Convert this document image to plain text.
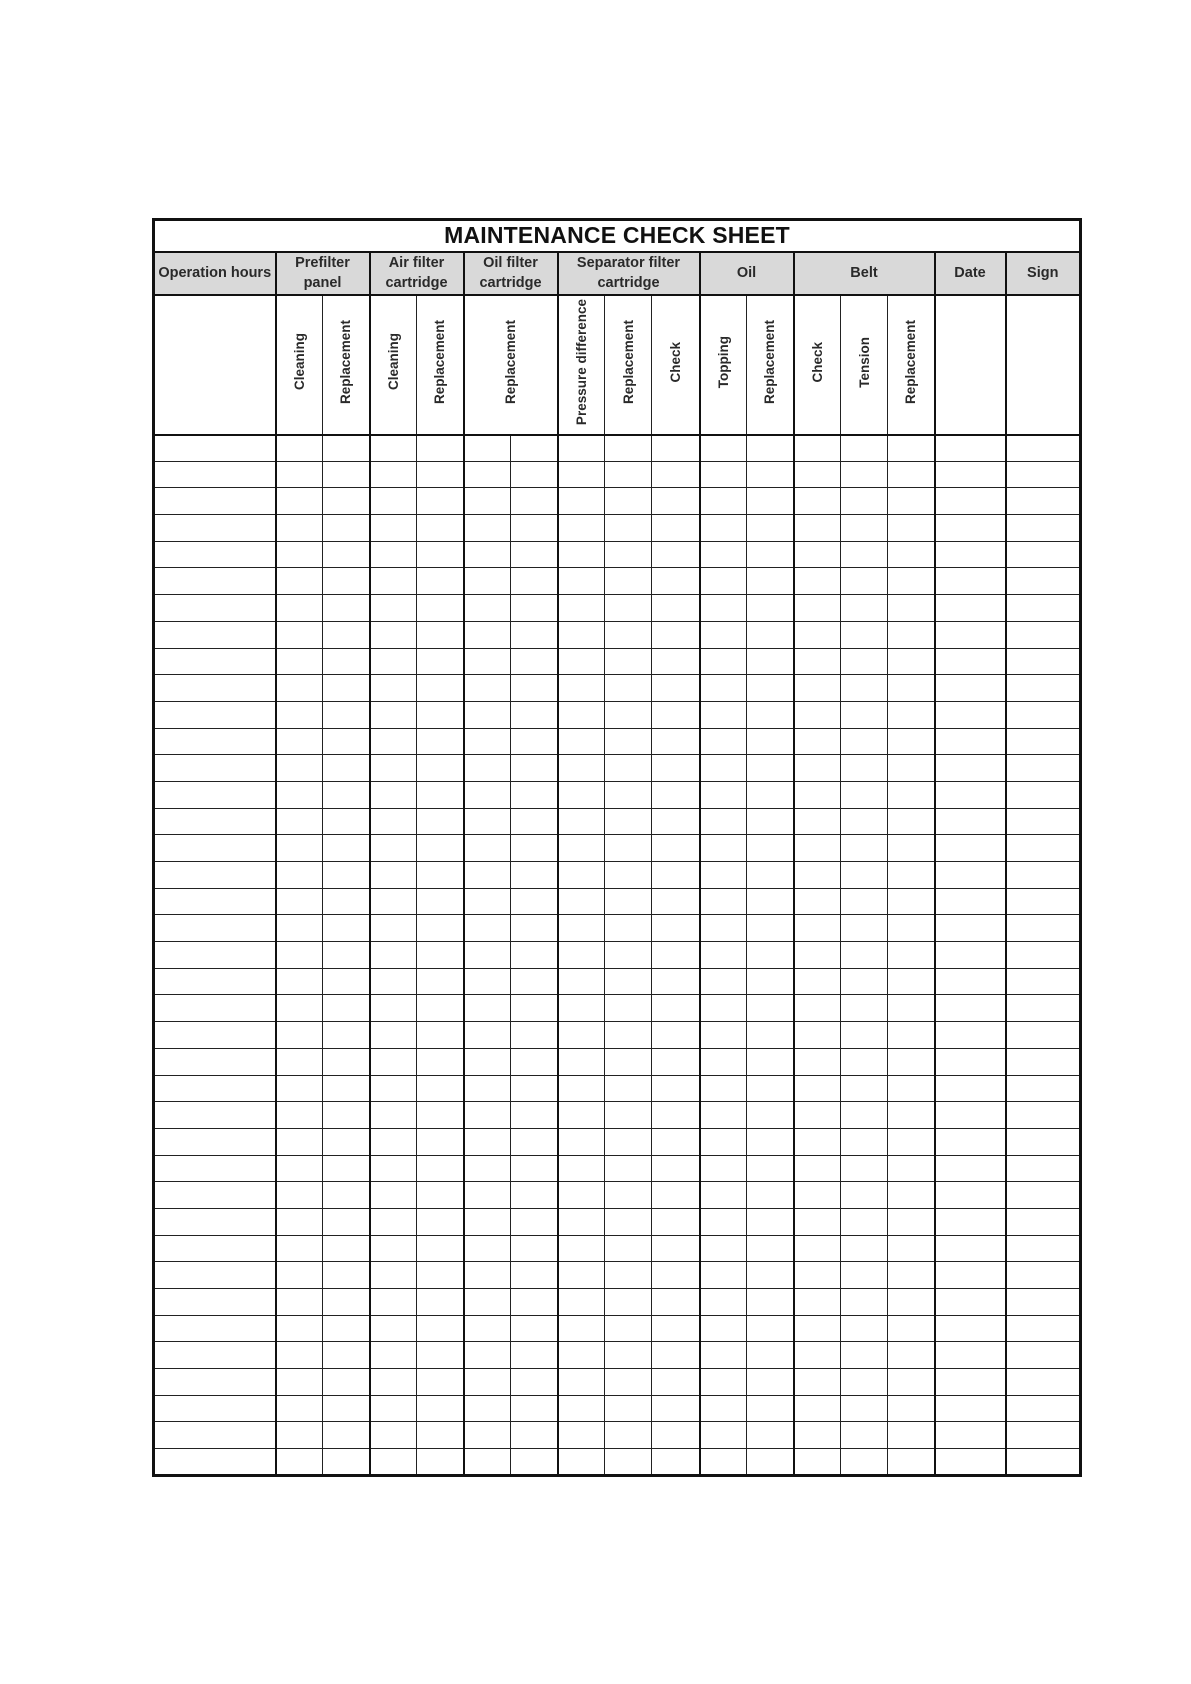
MAINTENANCE CHECK SHEET																
Operation hours	Prefilter panel		Air filter cartridge		Oil filter cartridge		Separator filter cartridge			Oil		Belt			Date	Sign
	Cleaning	Replacement	Cleaning	Replacement	Replacement		Pressure difference	Replacement	Check	Topping	Replacement	Check	Tension	Replacement		
